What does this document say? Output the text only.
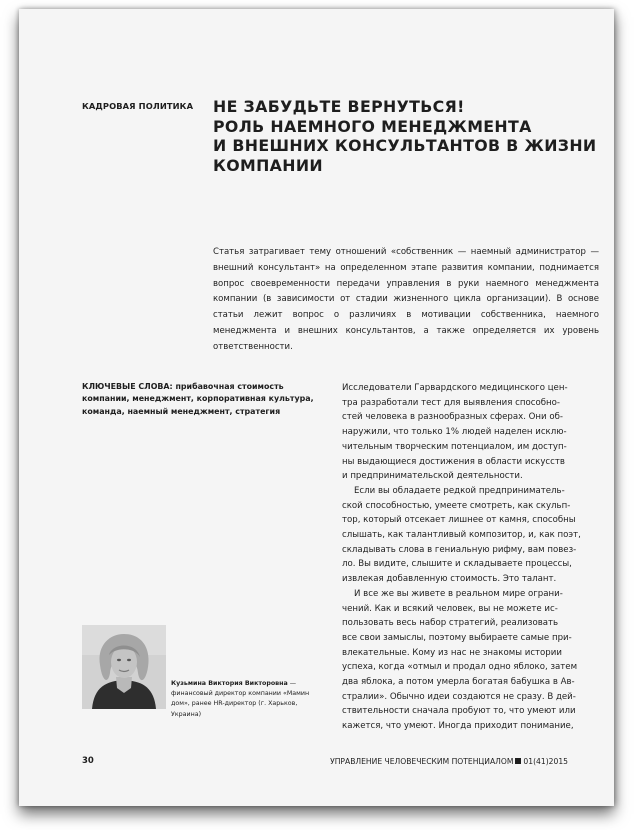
КАДРОВАЯ ПОЛИТИКА НЕ ЗАБУДЬТЕ ВЕРНУТЬСЯ!
РОЛЬ НАЕМНОГО МЕНЕДЖМЕНТА
И ВНЕШНИХ КОНСУЛЬТАНТОВ В ЖИЗНИ
КОМПАНИИ
Статья затрагивает тему отношений «собственник — наемный администратор — внешний консультант» на определенном этапе развития компании, поднимается вопрос своевременности передачи управления в руки наемного менеджмента компании (в зависимости от стадии жизненного цикла организации). В основе статьи лежит вопрос о различиях в мотивации собственника, наемного менеджмента и внешних консультантов, а также определяется их уровень ответственности.
КЛЮЧЕВЫЕ СЛОВА: прибавочная стоимость компании, менеджмент, корпоративная культура, команда, наемный менеджмент, стратегия

Исследователи Гарвардского медицинского цен-

тра разработали тест для выявления способно-

стей человека в разнообразных сферах. Они об-

наружили, что только 1% людей наделен исклю-

чительным творческим потенциалом, им доступ-

ны выдающиеся достижения в области искусств

и предпринимательской деятельности.

Если вы обладаете редкой предприниматель-

ской способностью, умеете смотреть, как скульп-

тор, который отсекает лишнее от камня, способны

слышать, как талантливый композитор, и, как поэт,

складывать слова в гениальную рифму, вам повез-

ло. Вы видите, слышите и складываете процессы,

извлекая добавленную стоимость. Это талант.

И все же вы живете в реальном мире ограни-

чений. Как и всякий человек, вы не можете ис-

пользовать весь набор стратегий, реализовать

все свои замыслы, поэтому выбираете самые при-

влекательные. Кому из нас не знакомы истории

успеха, когда «отмыл и продал одно яблоко, затем

два яблока, а потом умерла богатая бабушка в Ав-

стралии». Обычно идеи создаются не сразу. В дей-

ствительности сначала пробуют то, что умеют или

кажется, что умеют. Иногда приходит понимание,

Кузьмина Виктория Викторовна — финансовый директор компании «Мамин дом», ранее HR-директор (г. Харьков, Украина)
30	УПРАВЛЕНИЕ ЧЕЛОВЕЧЕСКИМ ПОТЕНЦИАЛОМ 01(41)2015
